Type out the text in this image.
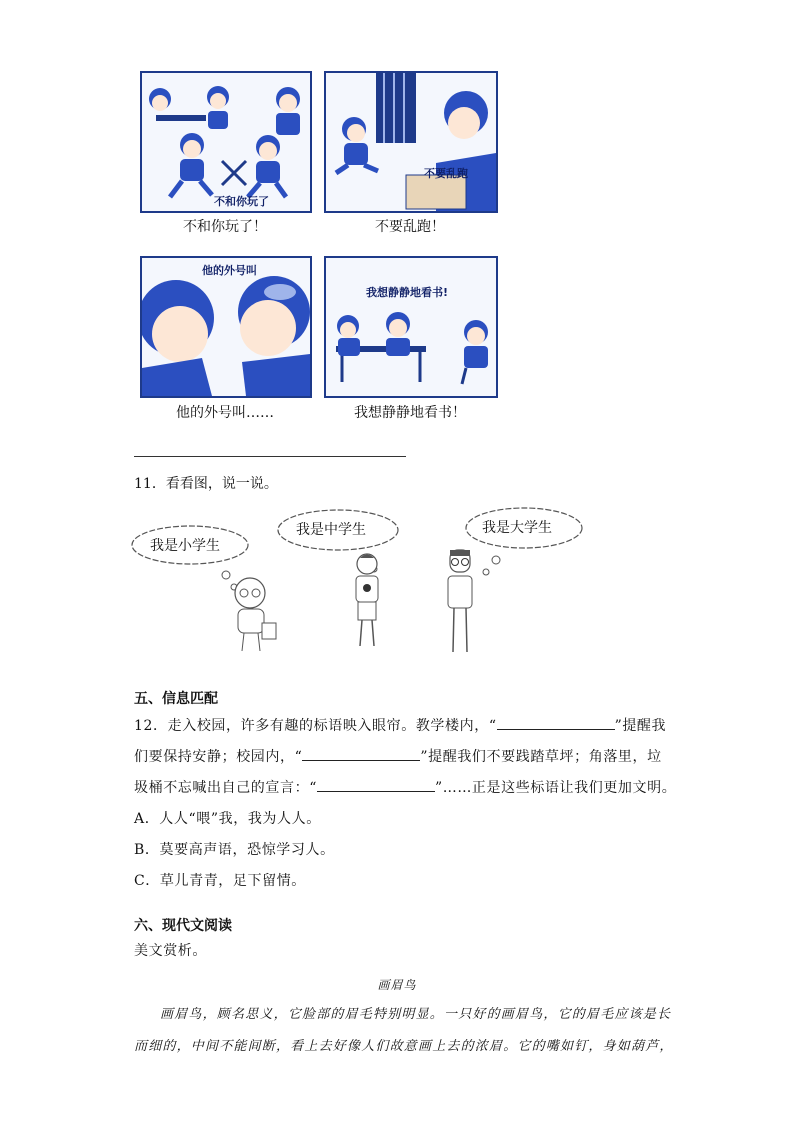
不和你玩了
不和你玩了！
不要乱跑
不要乱跑！
他的外号叫
他的外号叫……
我想静静地看书!
我想静静地看书！
11．看看图，说一说。
我是小学生
我是中学生	我是大学生
五、信息匹配
12．走入校园，许多有趣的标语映入眼帘。教学楼内，“	”提醒我
们要保持安静；校园内，“	”提醒我们不要践踏草坪；角落里，垃
圾桶不忘喊出自己的宣言：“	”……正是这些标语让我们更加文明。
A．人人“喂”我，我为人人。
B．莫要高声语，恐惊学习人。
C．草儿青青，足下留情。
六、现代文阅读
美文赏析。
画眉鸟
画眉鸟，顾名思义，它脸部的眉毛特别明显。一只好的画眉鸟，它的眉毛应该是长
而细的，中间不能间断，看上去好像人们故意画上去的浓眉。它的嘴如钉，身如葫芦，
